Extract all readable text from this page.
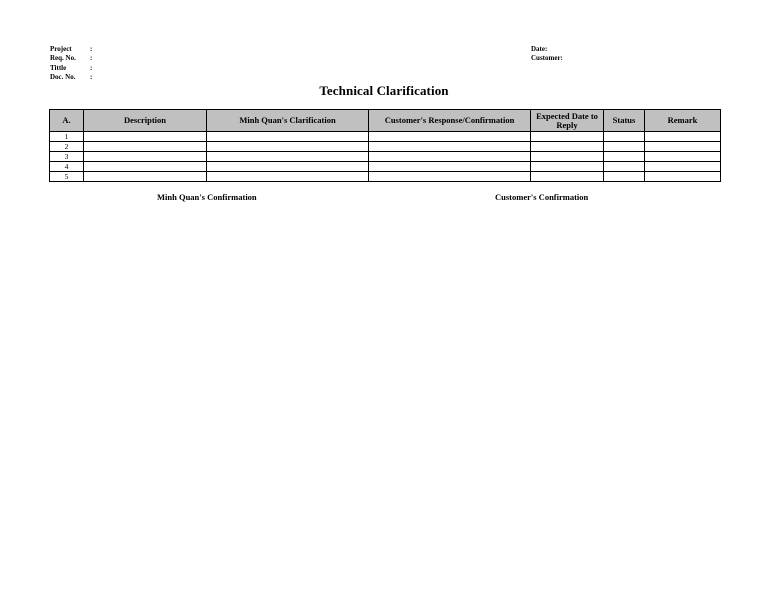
Project	:
Req. No.	:
Tittle	:
Doc. No.	:
Date:
Customer:
Technical Clarification
A.	Description	Minh Quan's Clarification	Customer's Response/Confirmation	Expected Date to Reply	Status	Remark
1						
2						
3						
4						
5						
Minh Quan's Confirmation	Customer's Confirmation
